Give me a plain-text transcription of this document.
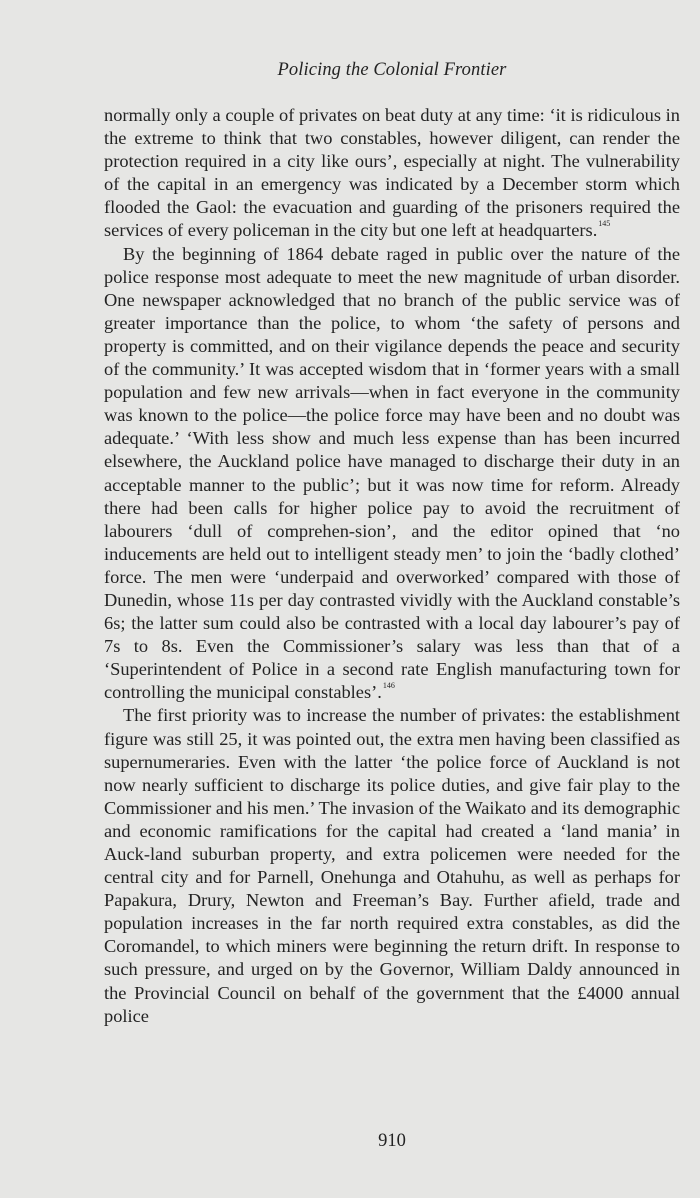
Policing the Colonial Frontier

normally only a couple of privates on beat duty at any time: ‘it is ridiculous in the extreme to think that two constables, however diligent, can render the protection required in a city like ours’, especially at night. The vulnerability of the capital in an emergency was indicated by a December storm which flooded the Gaol: the evacuation and guarding of the prisoners required the services of every policeman in the city but one left at headquarters.$^{145}$

By the beginning of 1864 debate raged in public over the nature of the police response most adequate to meet the new magnitude of urban disorder. One newspaper acknowledged that no branch of the public service was of greater importance than the police, to whom ‘the safety of persons and property is committed, and on their vigilance depends the peace and security of the community.’ It was accepted wisdom that in ‘former years with a small population and few new arrivals—when in fact everyone in the community was known to the police—the police force may have been and no doubt was adequate.’ ‘With less show and much less expense than has been incurred elsewhere, the Auckland police have managed to discharge their duty in an acceptable manner to the public’; but it was now time for reform. Already there had been calls for higher police pay to avoid the recruitment of labourers ‘dull of comprehen-sion’, and the editor opined that ‘no inducements are held out to intelligent steady men’ to join the ‘badly clothed’ force. The men were ‘underpaid and overworked’ compared with those of Dunedin, whose 11s per day contrasted vividly with the Auckland constable’s 6s; the latter sum could also be contrasted with a local day labourer’s pay of 7s to 8s. Even the Commissioner’s salary was less than that of a ‘Superintendent of Police in a second rate English manufacturing town for controlling the municipal constables’.$^{146}$

The first priority was to increase the number of privates: the establishment figure was still 25, it was pointed out, the extra men having been classified as supernumeraries. Even with the latter ‘the police force of Auckland is not now nearly sufficient to discharge its police duties, and give fair play to the Commissioner and his men.’ The invasion of the Waikato and its demographic and economic ramifications for the capital had created a ‘land mania’ in Auck-land suburban property, and extra policemen were needed for the central city and for Parnell, Onehunga and Otahuhu, as well as perhaps for Papakura, Drury, Newton and Freeman’s Bay. Further afield, trade and population increases in the far north required extra constables, as did the Coromandel, to which miners were beginning the return drift. In response to such pressure, and urged on by the Governor, William Daldy announced in the Provincial Council on behalf of the government that the £4000 annual police

910
